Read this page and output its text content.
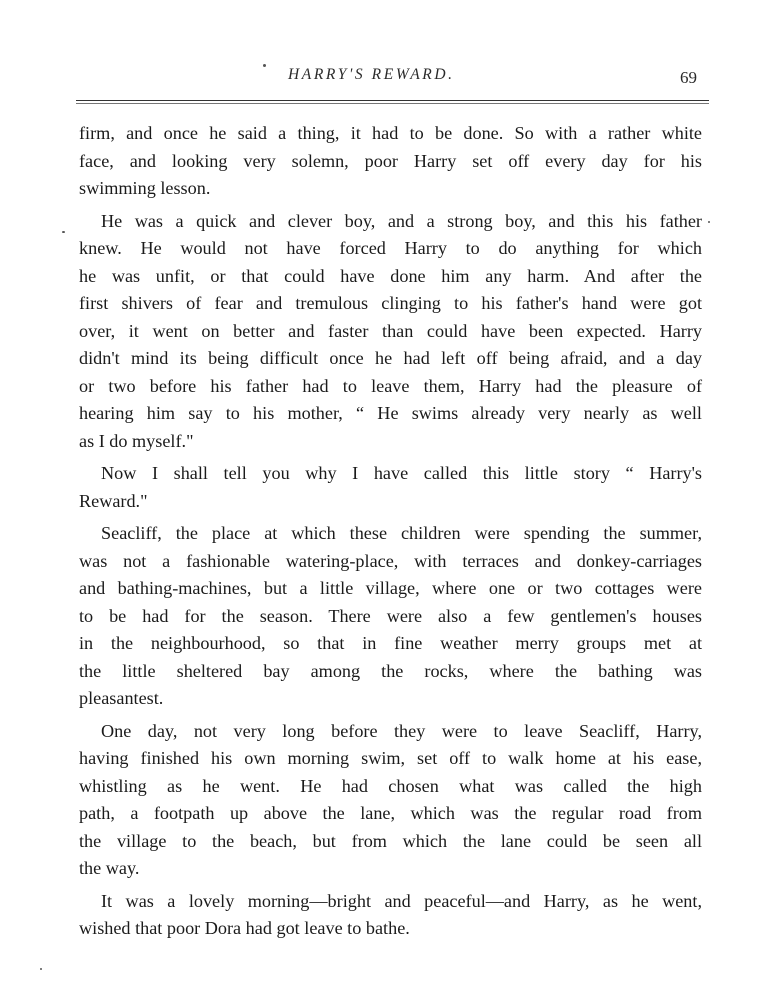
HARRY'S REWARD.	69
firm, and once he said a thing, it had to be done. So with a rather white
face, and looking very solemn, poor Harry set off every day for his
swimming lesson.
He was a quick and clever boy, and a strong boy, and this his father
knew. He would not have forced Harry to do anything for which
he was unfit, or that could have done him any harm. And after the
first shivers of fear and tremulous clinging to his father's hand were got
over, it went on better and faster than could have been expected. Harry
didn't mind its being difficult once he had left off being afraid, and a day
or two before his father had to leave them, Harry had the pleasure of
hearing him say to his mother, “ He swims already very nearly as well
as I do myself."
Now I shall tell you why I have called this little story “ Harry's
Reward."
Seacliff, the place at which these children were spending the summer,
was not a fashionable watering-place, with terraces and donkey-carriages
and bathing-machines, but a little village, where one or two cottages were
to be had for the season. There were also a few gentlemen's houses
in the neighbourhood, so that in fine weather merry groups met at
the little sheltered bay among the rocks, where the bathing was
pleasantest.
One day, not very long before they were to leave Seacliff, Harry,
having finished his own morning swim, set off to walk home at his ease,
whistling as he went. He had chosen what was called the high
path, a footpath up above the lane, which was the regular road from
the village to the beach, but from which the lane could be seen all
the way.
It was a lovely morning—bright and peaceful—and Harry, as he went,
wished that poor Dora had got leave to bathe.
